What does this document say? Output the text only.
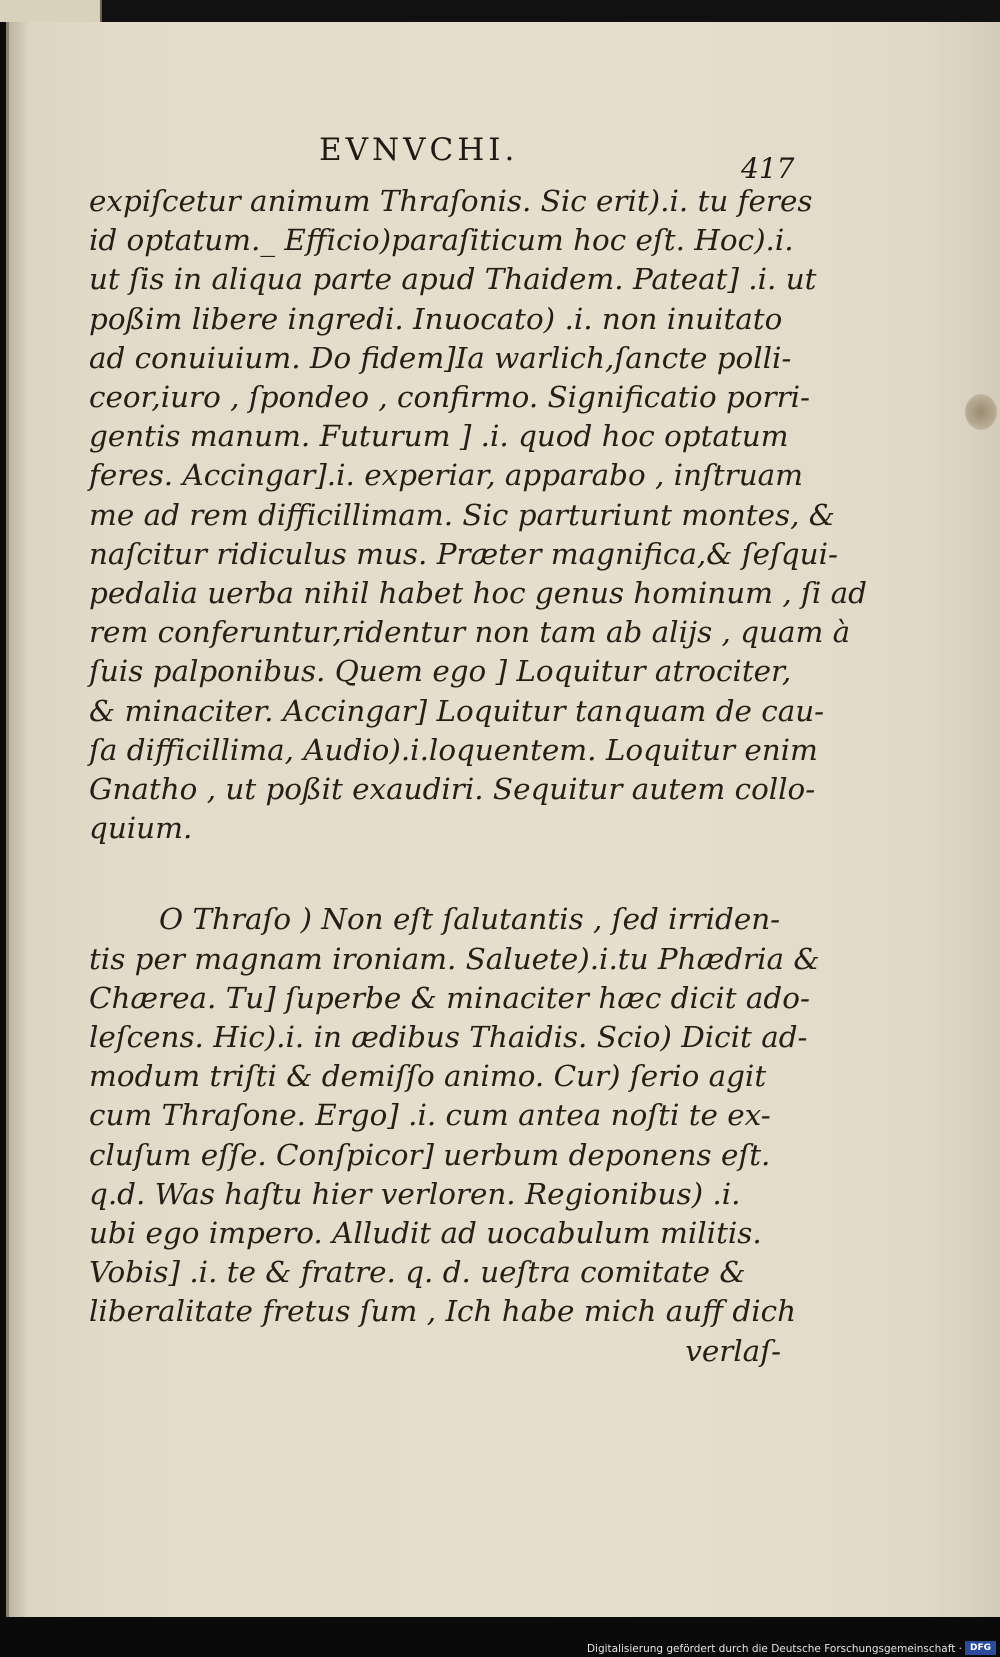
EVNVCHI.
417
expiſcetur animum Thraſonis. Sic erit).i. tu feres
id optatum._ Efficio)paraſiticum hoc eſt. Hoc).i.
ut ſis in aliqua parte apud Thaidem. Pateat] .i. ut
poßim libere ingredi. Inuocato) .i. non inuitato
ad conuiuium. Do fidem]Ia warlich,ſancte polli-
ceor,iuro , ſpondeo , confirmo. Significatio porri-
gentis manum. Futurum ] .i. quod hoc optatum
feres. Accingar].i. experiar, apparabo , inſtruam
me ad rem difficillimam. Sic parturiunt montes, &
naſcitur ridiculus mus. Præter magnifica,& ſeſqui-
pedalia uerba nihil habet hoc genus hominum , ſi ad
rem conferuntur,ridentur non tam ab alijs , quam à
ſuis palponibus. Quem ego ] Loquitur atrociter,
& minaciter. Accingar] Loquitur tanquam de cau-
ſa difficillima, Audio).i.loquentem. Loquitur enim
Gnatho , ut poßit exaudiri. Sequitur autem collo-
quium.
O Thraſo ) Non eſt ſalutantis , ſed irriden-
tis per magnam ironiam. Saluete).i.tu Phædria &
Chærea. Tu] ſuperbe & minaciter hæc dicit ado-
leſcens. Hic).i. in ædibus Thaidis. Scio) Dicit ad-
modum triſti & demiſſo animo. Cur) ſerio agit
cum Thraſone. Ergo] .i. cum antea noſti te ex-
cluſum eſſe. Conſpicor] uerbum deponens eſt.
q.d. Was haſtu hier verloren. Regionibus) .i.
ubi ego impero. Alludit ad uocabulum militis.
Vobis] .i. te & fratre. q. d. ueſtra comitate &
liberalitate fretus ſum , Ich habe mich auff dich
verlaſ-
Digitalisierung gefördert durch die Deutsche Forschungsgemeinschaft · DFG
